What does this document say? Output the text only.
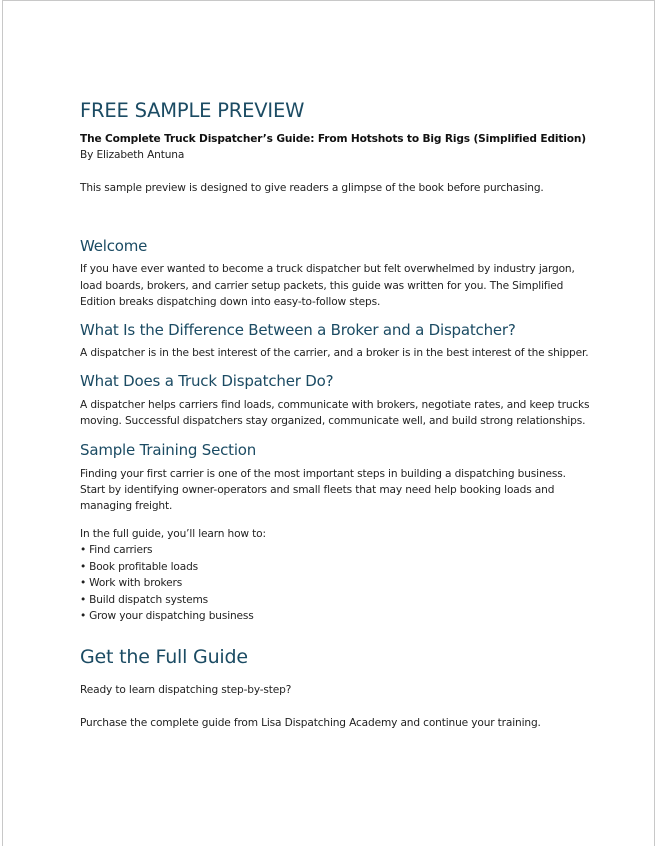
FREE SAMPLE PREVIEW

The Complete Truck Dispatcher’s Guide: From Hotshots to Big Rigs (Simplified Edition)

By Elizabeth Antuna

This sample preview is designed to give readers a glimpse of the book before purchasing.

Welcome

If you have ever wanted to become a truck dispatcher but felt overwhelmed by industry jargon, load boards, brokers, and carrier setup packets, this guide was written for you. The Simplified Edition breaks dispatching down into easy-to-follow steps.

What Is the Difference Between a Broker and a Dispatcher?

A dispatcher is in the best interest of the carrier, and a broker is in the best interest of the shipper.

What Does a Truck Dispatcher Do?

A dispatcher helps carriers find loads, communicate with brokers, negotiate rates, and keep trucks moving. Successful dispatchers stay organized, communicate well, and build strong relationships.

Sample Training Section

Finding your first carrier is one of the most important steps in building a dispatching business. Start by identifying owner-operators and small fleets that may need help booking loads and managing freight.

In the full guide, you’ll learn how to:

• Find carriers
• Book profitable loads
• Work with brokers
• Build dispatch systems
• Grow your dispatching business
Get the Full Guide

Ready to learn dispatching step-by-step?

Purchase the complete guide from Lisa Dispatching Academy and continue your training.
